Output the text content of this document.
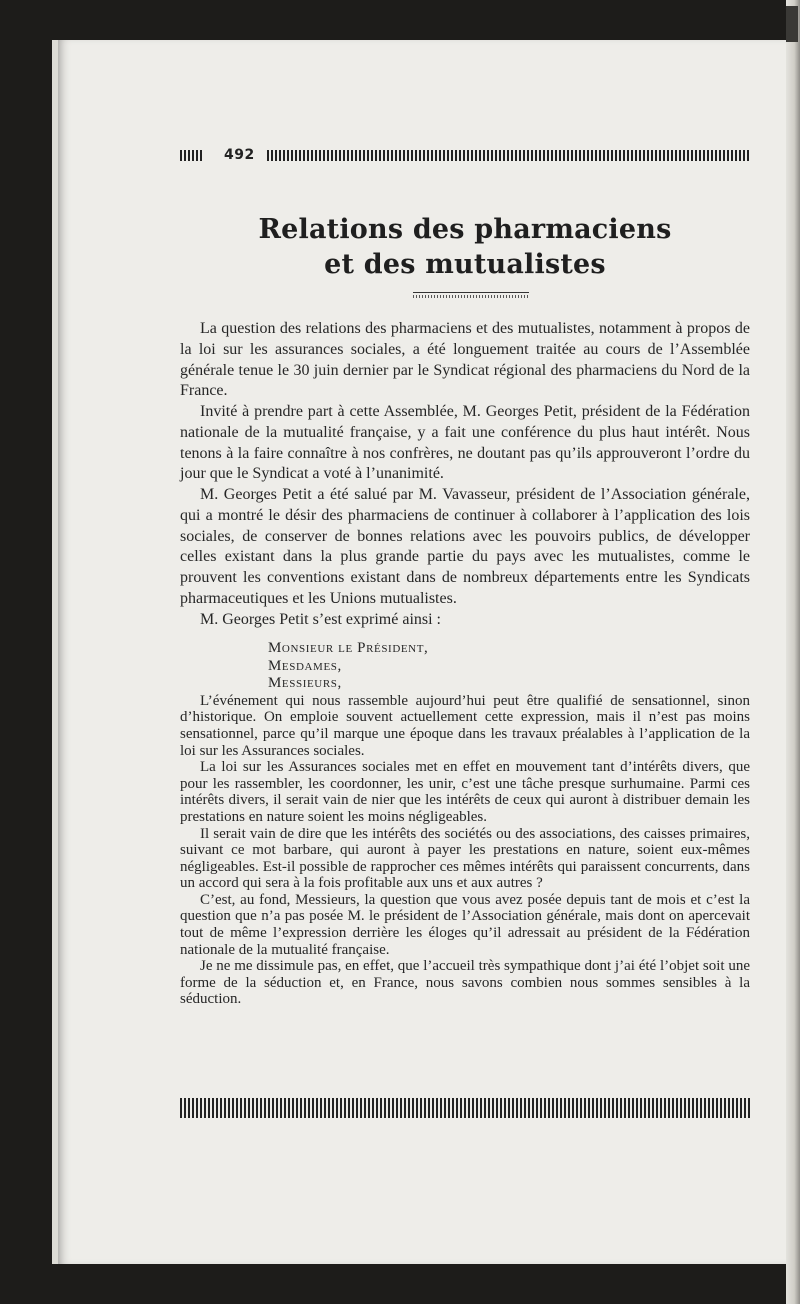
492
Relations des pharmaciens
et des mutualistes

La question des relations des pharmaciens et des mutualistes, notamment à propos de la loi sur les assurances sociales, a été longuement traitée au cours de l’Assemblée générale tenue le 30 juin dernier par le Syndicat régional des pharmaciens du Nord de la France.

Invité à prendre part à cette Assemblée, M. Georges Petit, président de la Fédération nationale de la mutualité française, y a fait une conférence du plus haut intérêt. Nous tenons à la faire connaître à nos confrères, ne doutant pas qu’ils approuveront l’ordre du jour que le Syndicat a voté à l’unanimité.

M. Georges Petit a été salué par M. Vavasseur, président de l’Association générale, qui a montré le désir des pharmaciens de continuer à collaborer à l’application des lois sociales, de conserver de bonnes relations avec les pouvoirs publics, de développer celles existant dans la plus grande partie du pays avec les mutualistes, comme le prouvent les conventions existant dans de nombreux départements entre les Syndicats pharmaceutiques et les Unions mutualistes.

M. Georges Petit s’est exprimé ainsi :

Monsieur le Président,

Mesdames,

Messieurs,

L’événement qui nous rassemble aujourd’hui peut être qualifié de sensationnel, sinon d’historique. On emploie souvent actuellement cette expression, mais il n’est pas moins sensationnel, parce qu’il marque une époque dans les travaux préalables à l’application de la loi sur les Assurances sociales.

La loi sur les Assurances sociales met en effet en mouvement tant d’intérêts divers, que pour les rassembler, les coordonner, les unir, c’est une tâche presque surhumaine. Parmi ces intérêts divers, il serait vain de nier que les intérêts de ceux qui auront à distribuer demain les prestations en nature soient les moins négligeables.

Il serait vain de dire que les intérêts des sociétés ou des associations, des caisses primaires, suivant ce mot barbare, qui auront à payer les prestations en nature, soient eux-mêmes négligeables. Est-il possible de rapprocher ces mêmes intérêts qui paraissent concurrents, dans un accord qui sera à la fois profitable aux uns et aux autres ?

C’est, au fond, Messieurs, la question que vous avez posée depuis tant de mois et c’est la question que n’a pas posée M. le président de l’Association générale, mais dont on apercevait tout de même l’expression derrière les éloges qu’il adressait au président de la Fédération nationale de la mutualité française.

Je ne me dissimule pas, en effet, que l’accueil très sympathique dont j’ai été l’objet soit une forme de la séduction et, en France, nous savons combien nous sommes sensibles à la séduction.
